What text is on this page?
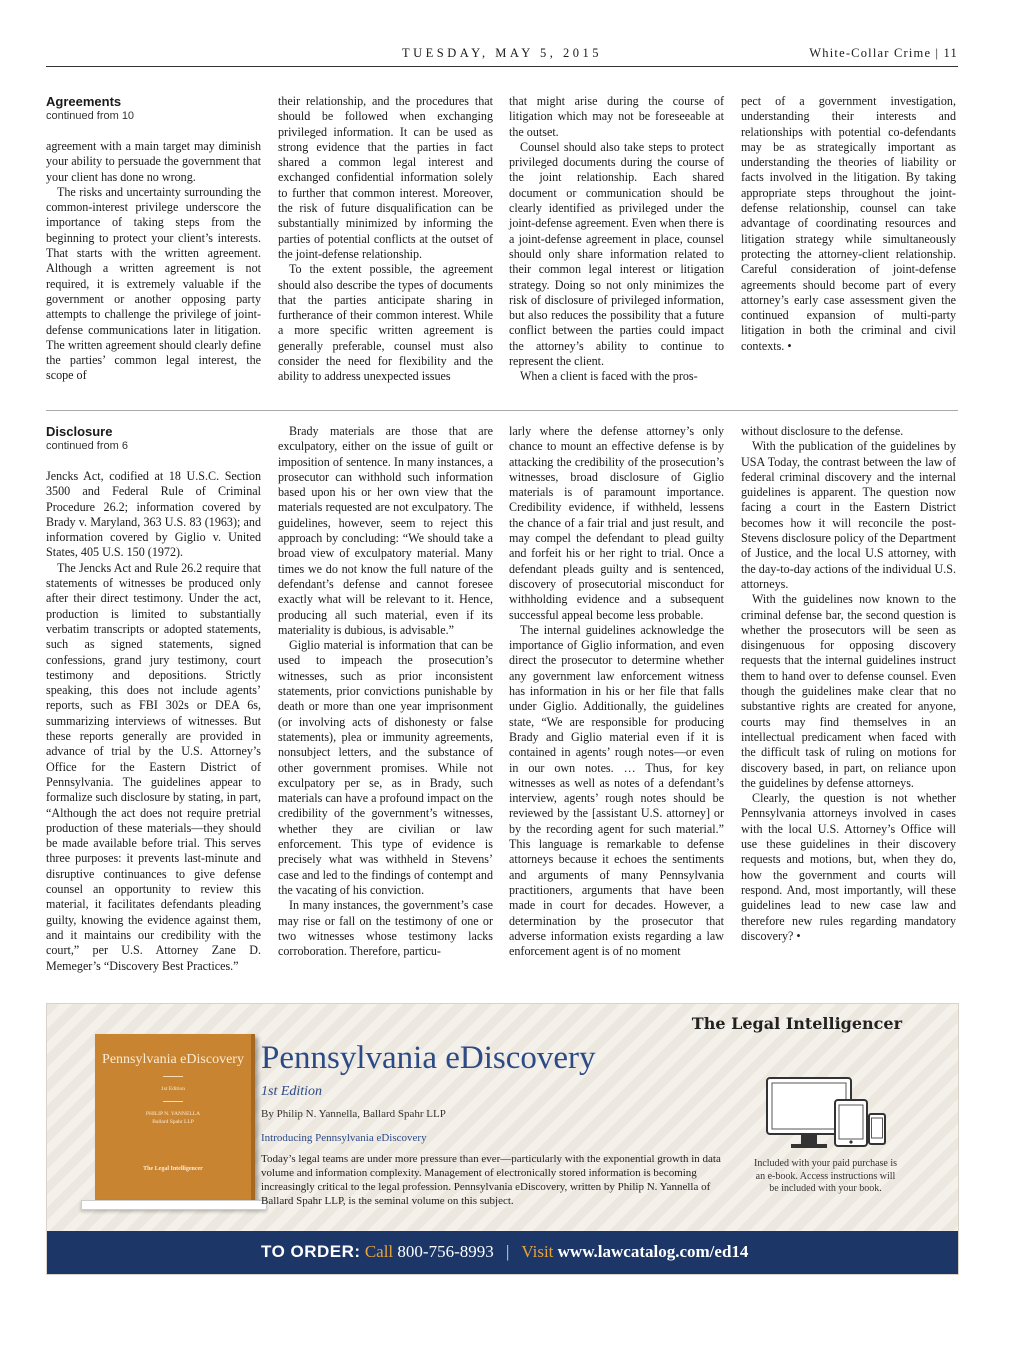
TUESDAY, MAY 5, 2015	White-Collar Crime | 11
Agreements
continued from 10

agreement with a main target may diminish your ability to persuade the government that your client has done no wrong.

The risks and uncertainty surrounding the common-interest privilege underscore the importance of taking steps from the beginning to protect your client’s interests. That starts with the written agreement. Although a written agreement is not required, it is extremely valuable if the government or another opposing party attempts to challenge the privilege of joint-defense communications later in litigation. The written agreement should clearly define the parties’ common legal interest, the scope of

their relationship, and the procedures that should be followed when exchanging privileged information. It can be used as strong evidence that the parties in fact shared a common legal interest and exchanged confidential information solely to further that common interest. Moreover, the risk of future disqualification can be substantially minimized by informing the parties of potential conflicts at the outset of the joint-defense relationship.

To the extent possible, the agreement should also describe the types of documents that the parties anticipate sharing in furtherance of their common interest. While a more specific written agreement is generally preferable, counsel must also consider the need for flexibility and the ability to address unexpected issues

that might arise during the course of litigation which may not be foreseeable at the outset.

Counsel should also take steps to protect privileged documents during the course of the joint relationship. Each shared document or communication should be clearly identified as privileged under the joint-defense agreement. Even when there is a joint-defense agreement in place, counsel should only share information related to their common legal interest or litigation strategy. Doing so not only minimizes the risk of disclosure of privileged information, but also reduces the possibility that a future conflict between the parties could impact the attorney’s ability to continue to represent the client.

When a client is faced with the pros-

pect of a government investigation, understanding their interests and relationships with potential co-defendants may be as strategically important as understanding the theories of liability or facts involved in the litigation. By taking appropriate steps throughout the joint-defense relationship, counsel can take advantage of coordinating resources and litigation strategy while simultaneously protecting the attorney-client relationship. Careful consideration of joint-defense agreements should become part of every attorney’s early case assessment given the continued expansion of multi-party litigation in both the criminal and civil contexts. •

Disclosure
continued from 6

Jencks Act, codified at 18 U.S.C. Section 3500 and Federal Rule of Criminal Procedure 26.2; information covered by Brady v. Maryland, 363 U.S. 83 (1963); and information covered by Giglio v. United States, 405 U.S. 150 (1972).

The Jencks Act and Rule 26.2 require that statements of witnesses be produced only after their direct testimony. Under the act, production is limited to substantially verbatim transcripts or adopted statements, such as signed statements, signed confessions, grand jury testimony, court testimony and depositions. Strictly speaking, this does not include agents’ reports, such as FBI 302s or DEA 6s, summarizing interviews of witnesses. But these reports generally are provided in advance of trial by the U.S. Attorney’s Office for the Eastern District of Pennsylvania. The guidelines appear to formalize such disclosure by stating, in part, “Although the act does not require pretrial production of these materials—they should be made available before trial. This serves three purposes: it prevents last-minute and disruptive continuances to give defense counsel an opportunity to review this material, it facilitates defendants pleading guilty, knowing the evidence against them, and it maintains our credibility with the court,” per U.S. Attorney Zane D. Memeger’s “Discovery Best Practices.”

Brady materials are those that are exculpatory, either on the issue of guilt or imposition of sentence. In many instances, a prosecutor can withhold such information based upon his or her own view that the materials requested are not exculpatory. The guidelines, however, seem to reject this approach by concluding: “We should take a broad view of exculpatory material. Many times we do not know the full nature of the defendant’s defense and cannot foresee exactly what will be relevant to it. Hence, producing all such material, even if its materiality is dubious, is advisable.”

Giglio material is information that can be used to impeach the prosecution’s witnesses, such as prior inconsistent statements, prior convictions punishable by death or more than one year imprisonment (or involving acts of dishonesty or false statements), plea or immunity agreements, nonsubject letters, and the substance of other government promises. While not exculpatory per se, as in Brady, such materials can have a profound impact on the credibility of the government’s witnesses, whether they are civilian or law enforcement. This type of evidence is precisely what was withheld in Stevens’ case and led to the findings of contempt and the vacating of his conviction.

In many instances, the government’s case may rise or fall on the testimony of one or two witnesses whose testimony lacks corroboration. Therefore, particu-

larly where the defense attorney’s only chance to mount an effective defense is by attacking the credibility of the prosecution’s witnesses, broad disclosure of Giglio materials is of paramount importance. Credibility evidence, if withheld, lessens the chance of a fair trial and just result, and may compel the defendant to plead guilty and forfeit his or her right to trial. Once a defendant pleads guilty and is sentenced, discovery of prosecutorial misconduct for withholding evidence and a subsequent successful appeal become less probable.

The internal guidelines acknowledge the importance of Giglio information, and even direct the prosecutor to determine whether any government law enforcement witness has information in his or her file that falls under Giglio. Additionally, the guidelines state, “We are responsible for producing Brady and Giglio material even if it is contained in agents’ rough notes—or even in our own notes. … Thus, for key witnesses as well as notes of a defendant’s interview, agents’ rough notes should be reviewed by the [assistant U.S. attorney] or by the recording agent for such material.” This language is remarkable to defense attorneys because it echoes the sentiments and arguments of many Pennsylvania practitioners, arguments that have been made in court for decades. However, a determination by the prosecutor that adverse information exists regarding a law enforcement agent is of no moment

without disclosure to the defense.

With the publication of the guidelines by USA Today, the contrast between the law of federal criminal discovery and the internal guidelines is apparent. The question now facing a court in the Eastern District becomes how it will reconcile the post-Stevens disclosure policy of the Department of Justice, and the local U.S attorney, with the day-to-day actions of the individual U.S. attorneys.

With the guidelines now known to the criminal defense bar, the second question is whether the prosecutors will be seen as disingenuous for opposing discovery requests that the internal guidelines instruct them to hand over to defense counsel. Even though the guidelines make clear that no substantive rights are created for anyone, courts may find themselves in an intellectual predicament when faced with the difficult task of ruling on motions for discovery based, in part, on reliance upon the guidelines by defense attorneys.

Clearly, the question is not whether Pennsylvania attorneys involved in cases with the local U.S. Attorney’s Office will use these guidelines in their discovery requests and motions, but, when they do, how the government and courts will respond. And, most importantly, will these guidelines lead to new case law and therefore new rules regarding mandatory discovery? •

Pennsylvania eDiscovery
1st Edition
PHILIP N. YANNELLA
Ballard Spahr LLP
The Legal Intelligencer
The Legal Intelligencer
Pennsylvania eDiscovery
1st Edition
By Philip N. Yannella, Ballard Spahr LLP
Introducing Pennsylvania eDiscovery
Today’s legal teams are under more pressure than ever—particularly with the exponential growth in data volume and information complexity. Management of electronically stored information is becoming increasingly critical to the legal profession. Pennsylvania eDiscovery, written by Philip N. Yannella of Ballard Spahr LLP, is the seminal volume on this subject.
Included with your paid purchase is an e-book. Access instructions will be included with your book.
TO ORDER: Call 800-756-8993 | Visit www.lawcatalog.com/ed14
